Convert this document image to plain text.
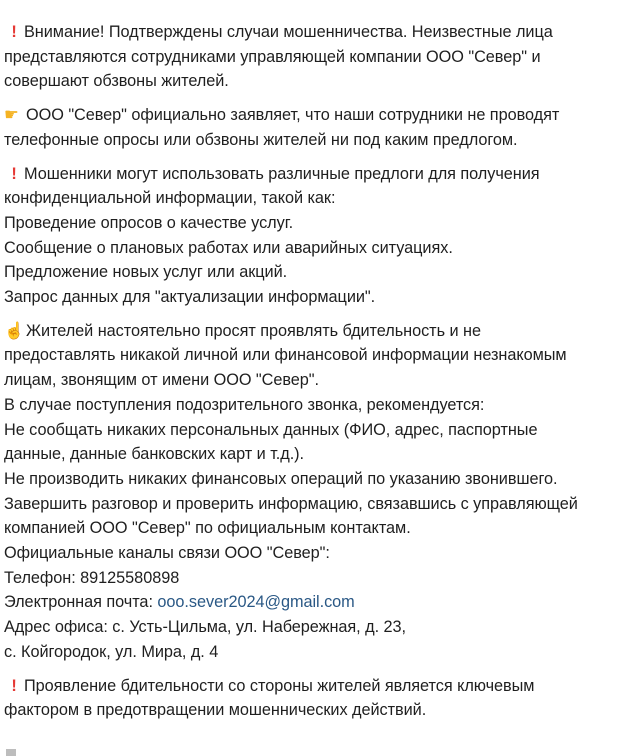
! Внимание! Подтверждены случаи мошенничества. Неизвестные лица
представляются сотрудниками управляющей компании ООО "Север" и
совершают обзвоны жителей.
☛ ООО "Север" официально заявляет, что наши сотрудники не проводят
телефонные опросы или обзвоны жителей ни под каким предлогом.
! Мошенники могут использовать различные предлоги для получения
конфиденциальной информации, такой как:
Проведение опросов о качестве услуг.
Сообщение о плановых работах или аварийных ситуациях.
Предложение новых услуг или акций.
Запрос данных для "актуализации информации".
☝ Жителей настоятельно просят проявлять бдительность и не
предоставлять никакой личной или финансовой информации незнакомым
лицам, звонящим от имени ООО "Север".
В случае поступления подозрительного звонка, рекомендуется:
Не сообщать никаких персональных данных (ФИО, адрес, паспортные
данные, данные банковских карт и т.д.).
Не производить никаких финансовых операций по указанию звонившего.
Завершить разговор и проверить информацию, связавшись с управляющей
компанией ООО "Север" по официальным контактам.
Официальные каналы связи ООО "Север":
Телефон: 89125580898
Электронная почта: ooo.sever2024@gmail.com
Адрес офиса: с. Усть-Цильма, ул. Набережная, д. 23,
с. Койгородок, ул. Мира, д. 4
! Проявление бдительности со стороны жителей является ключевым
фактором в предотвращении мошеннических действий.
